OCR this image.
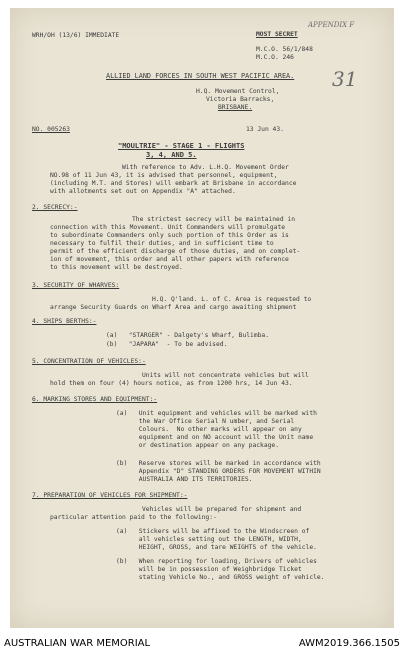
WRH/OH (13/6) IMMEDIATE	MOST SECRET
APPENDIX F
M.C.O. 56/1/848
M.C.O. 246
ALLIED LAND FORCES IN SOUTH WEST PACIFIC AREA. 31
H.Q. Movement Control,
Victoria Barracks,
BRISBANE.
NO. 005263	13 Jun 43.
"MOULTRIE" - STAGE 1 - FLIGHTS
3, 4, AND 5.
With reference to Adv. L.H.Q. Movement Order
NO.98 of 11 Jun 43, it is advised that personnel, equipment,
(including M.T. and Stores) will embark at Brisbane in accordance
with allotments set out on Appendix "A" attached.
2. SECRECY:-
The strictest secrecy will be maintained in
connection with this Movement. Unit Commanders will promulgate
to subordinate Commanders only such portion of this Order as is
necessary to fulfil their duties, and in sufficient time to
permit of the efficient discharge of those duties, and on complet-
ion of movement, this order and all other papers with reference
to this movement will be destroyed.
3. SECURITY OF WHARVES:
H.Q. Q'land. L. of C. Area is requested to
arrange Security Guards on Wharf Area and cargo awaiting shipment
4. SHIPS BERTHS:-
(a)   "STARGER" - Dalgety's Wharf, Bulimba.
(b)   "JAPARA"  - To be advised.
5. CONCENTRATION OF VEHICLES:-
Units will not concentrate vehicles but will
hold them on four (4) hours notice, as from 1200 hrs, 14 Jun 43.
6. MARKING STORES AND EQUIPMENT:-
(a)   Unit equipment and vehicles will be marked with
the War Office Serial N umber, and Serial
Colours.  No other marks will appear on any
equipment and on NO account will the Unit name
or destination appear on any package.
(b)   Reserve stores will be marked in accordance with
Appendix "D" STANDING ORDERS FOR MOVEMENT WITHIN
AUSTRALIA AND ITS TERRITORIES.
7. PREPARATION OF VEHICLES FOR SHIPMENT:-
Vehicles will be prepared for shipment and
particular attention paid to the following:-
(a)   Stickers will be affixed to the Windscreen of
all vehicles setting out the LENGTH, WIDTH,
HEIGHT, GROSS, and tare WEIGHTS of the vehicle.
(b)   When reporting for loading, Drivers of vehicles
will be in possession of Weighbridge Ticket
stating Vehicle No., and GROSS weight of vehicle.
AUSTRALIAN WAR MEMORIAL	AWM2019.366.1505
